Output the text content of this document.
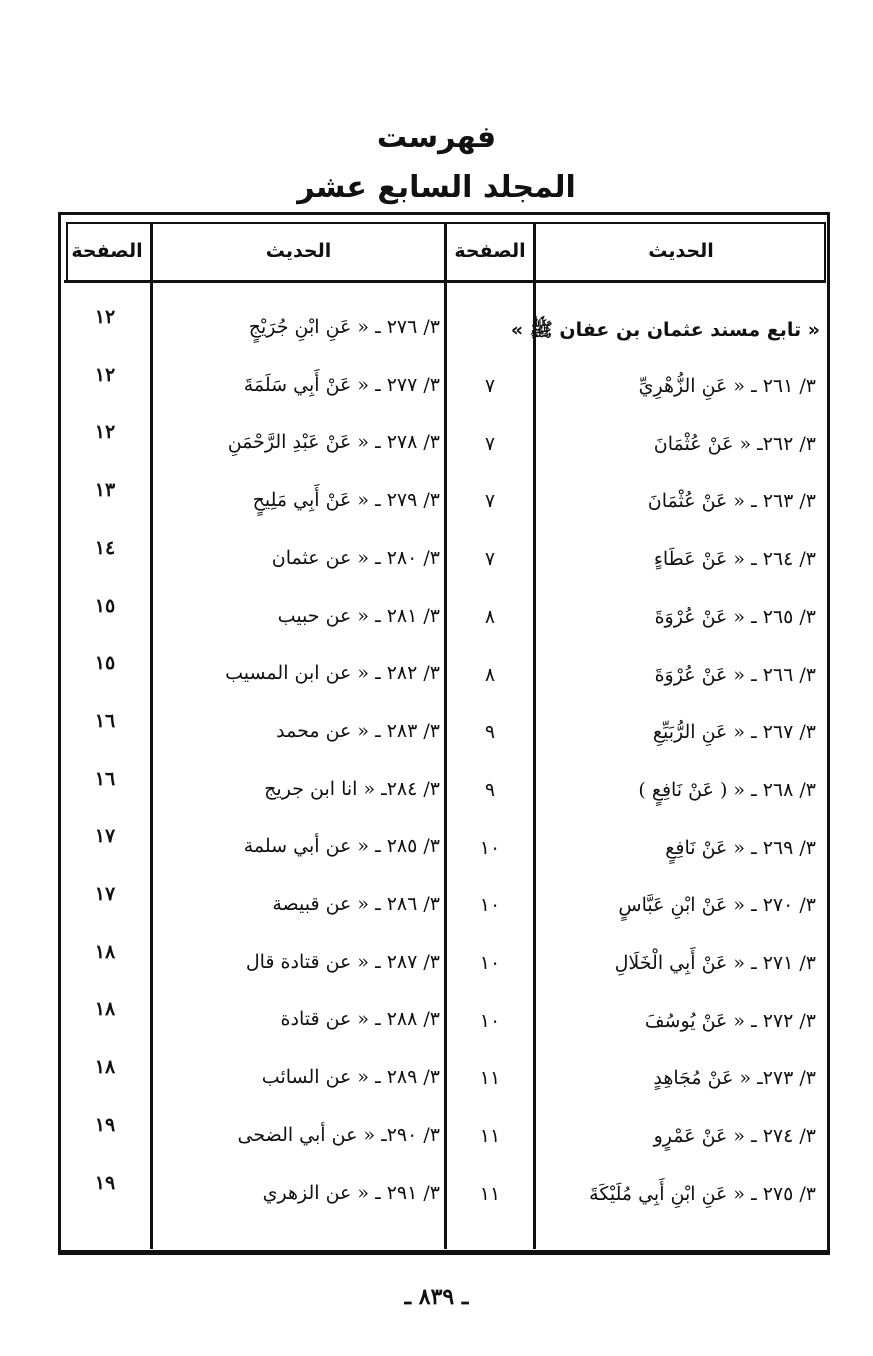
فهرست
المجلد السابع عشر
الحديث
الصفحة
الحديث
الصفحة
« تابع مسند عثمان بن عفان ﷺ »
٣/ ٢٦١ ـ « عَنِ الزُّهْرِيِّ
٧
٣/ ٢٦٢ـ « عَنْ عُثْمَانَ
٧
٣/ ٢٦٣ ـ « عَنْ عُثْمَانَ
٧
٣/ ٢٦٤ ـ « عَنْ عَطَاءٍ
٧
٣/ ٢٦٥ ـ « عَنْ عُرْوَةَ
٨
٣/ ٢٦٦ ـ « عَنْ عُرْوَةَ
٨
٣/ ٢٦٧ ـ « عَنِ الرُّبَيِّعِ
٩
٣/ ٢٦٨ ـ « ( عَنْ نَافِعٍ )
٩
٣/ ٢٦٩ ـ « عَنْ نَافِعٍ
١٠
٣/ ٢٧٠ ـ « عَنْ ابْنِ عَبَّاسٍ
١٠
٣/ ٢٧١ ـ « عَنْ أَبِي الْخَلَالِ
١٠
٣/ ٢٧٢ ـ « عَنْ يُوسُفَ
١٠
٣/ ٢٧٣ـ « عَنْ مُجَاهِدٍ
١١
٣/ ٢٧٤ ـ « عَنْ عَمْرٍو
١١
٣/ ٢٧٥ ـ « عَنِ ابْنِ أَبِي مُلَيْكَةَ
١١
٣/ ٢٧٦ ـ « عَنِ ابْنِ جُرَيْجٍ
١٢
٣/ ٢٧٧ ـ « عَنْ أَبِي سَلَمَةَ
١٢
٣/ ٢٧٨ ـ « عَنْ عَبْدِ الرَّحْمَنِ
١٢
٣/ ٢٧٩ ـ « عَنْ أَبِي مَلِيحٍ
١٣
٣/ ٢٨٠ ـ « عن عثمان
١٤
٣/ ٢٨١ ـ « عن حبيب
١٥
٣/ ٢٨٢ ـ « عن ابن المسيب
١٥
٣/ ٢٨٣ ـ « عن محمد
١٦
٣/ ٢٨٤ـ « انا ابن جريج
١٦
٣/ ٢٨٥ ـ « عن أبي سلمة
١٧
٣/ ٢٨٦ ـ « عن قبيصة
١٧
٣/ ٢٨٧ ـ « عن قتادة قال
١٨
٣/ ٢٨٨ ـ « عن قتادة
١٨
٣/ ٢٨٩ ـ « عن السائب
١٨
٣/ ٢٩٠ـ « عن أبي الضحى
١٩
٣/ ٢٩١ ـ « عن الزهري
١٩
ـ ٨٣٩ ـ
